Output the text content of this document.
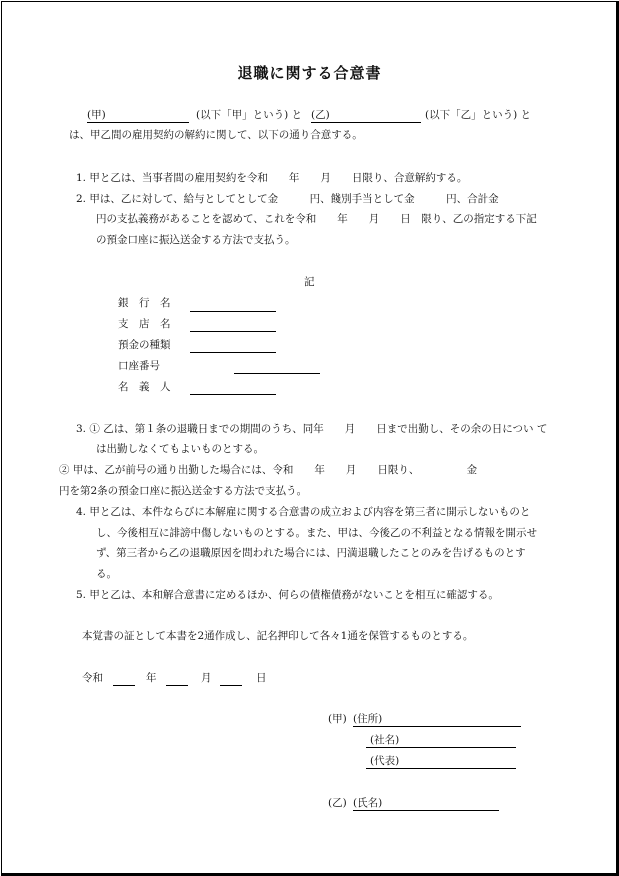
退職に関する合意書
(甲)	(以下「甲」という) と (乙)	(以下「乙」という) と
は、甲乙間の雇用契約の解約に関して、以下の通り合意する。
1. 甲と乙は、当事者間の雇用契約を令和　　年　　月　　日限り、合意解約する。
2. 甲は、乙に対して、給与としてとして金　　　円、餞別手当として金　　　円、合計金
円の支払義務があることを認めて、これを令和　　年　　月　　日　限り、乙の指定する下記
の預金口座に振込送金する方法で支払う。
記
銀　行　名
支　店　名
預金の種類
口座番号
名　義　人
3. ① 乙は、第１条の退職日までの期間のうち、同年　　月　　日まで出勤し、その余の日につい て
は出勤しなくてもよいものとする。
② 甲は、乙が前号の通り出勤した場合には、令和　　年　　月　　日限り、　　　　　金
円を第2条の預金口座に振込送金する方法で支払う。
4. 甲と乙は、本件ならびに本解雇に関する合意書の成立および内容を第三者に開示しないものと
し、今後相互に誹謗中傷しないものとする。また、甲は、今後乙の不利益となる情報を開示せ
ず、第三者から乙の退職原因を問われた場合には、円満退職したことのみを告げるものとす
る。
5. 甲と乙は、本和解合意書に定めるほか、何らの債権債務がないことを相互に確認する。
本覚書の証として本書を2通作成し、記名押印して各々1通を保管するものとする。
令和	年	月	日
(甲) (住所)
(社名)
(代表)
(乙) (氏名)
